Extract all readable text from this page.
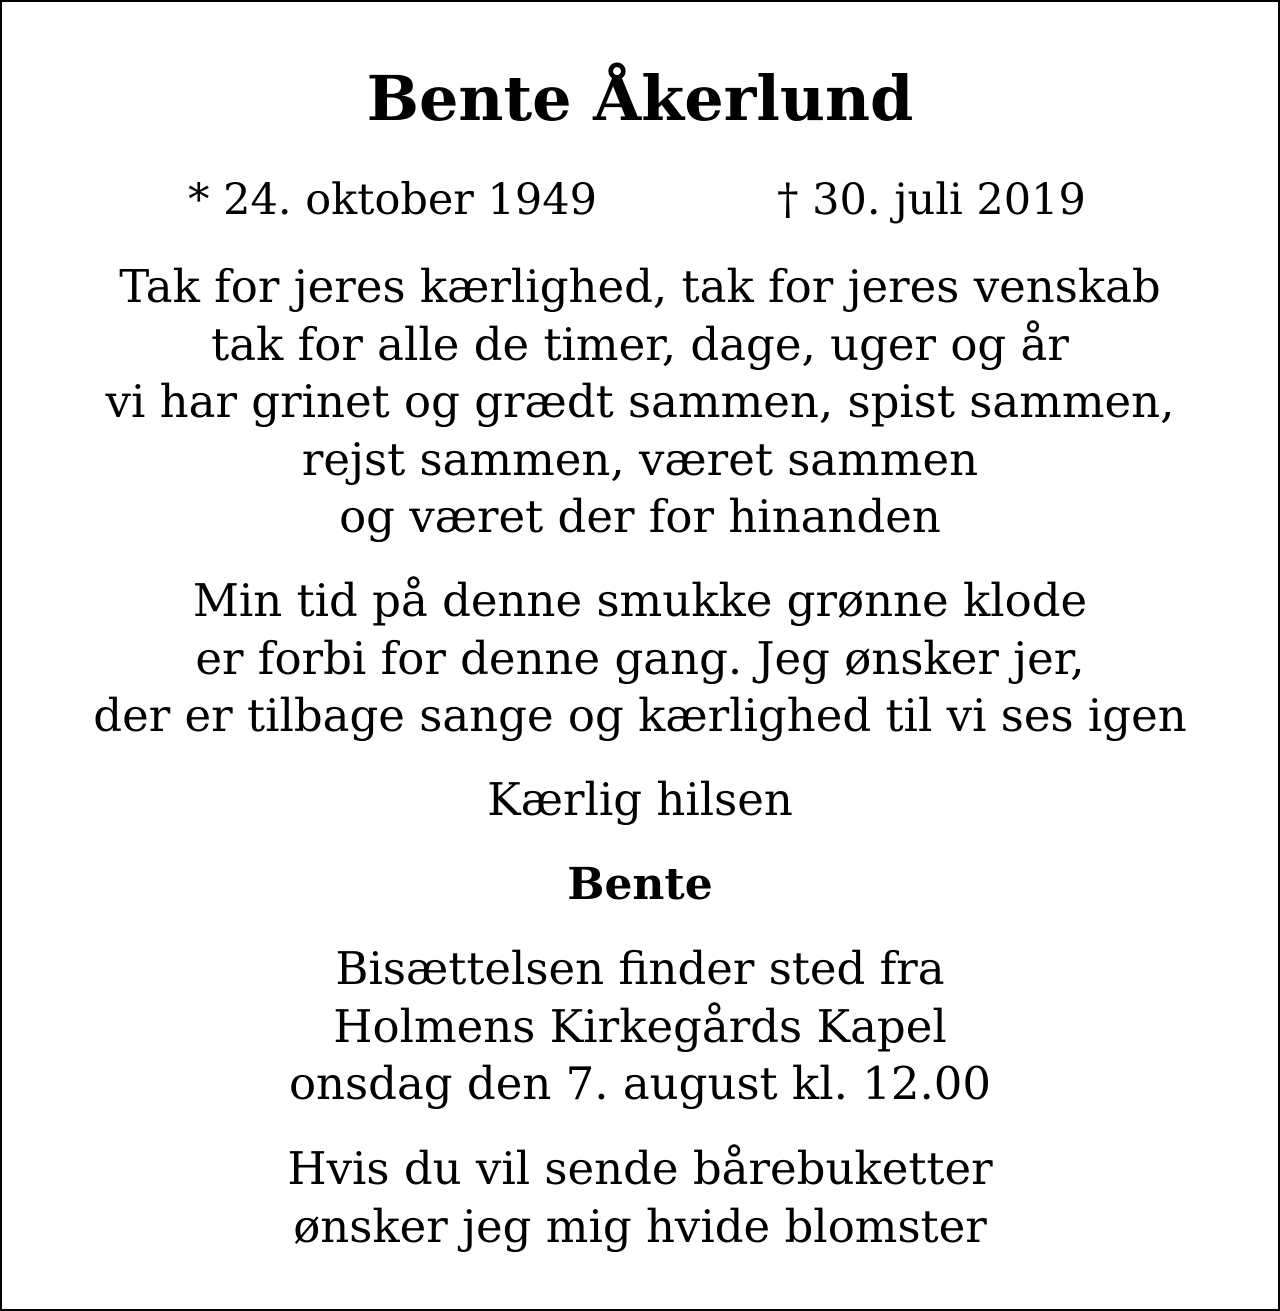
Bente Åkerlund
* 24. oktober 1949	† 30. juli 2019
Tak for jeres kærlighed, tak for jeres venskab
tak for alle de timer, dage, uger og år
vi har grinet og grædt sammen, spist sammen,
rejst sammen, været sammen
og været der for hinanden
Min tid på denne smukke grønne klode
er forbi for denne gang. Jeg ønsker jer,
der er tilbage sange og kærlighed til vi ses igen
Kærlig hilsen
Bente
Bisættelsen finder sted fra
Holmens Kirkegårds Kapel
onsdag den 7. august kl. 12.00
Hvis du vil sende bårebuketter
ønsker jeg mig hvide blomster
